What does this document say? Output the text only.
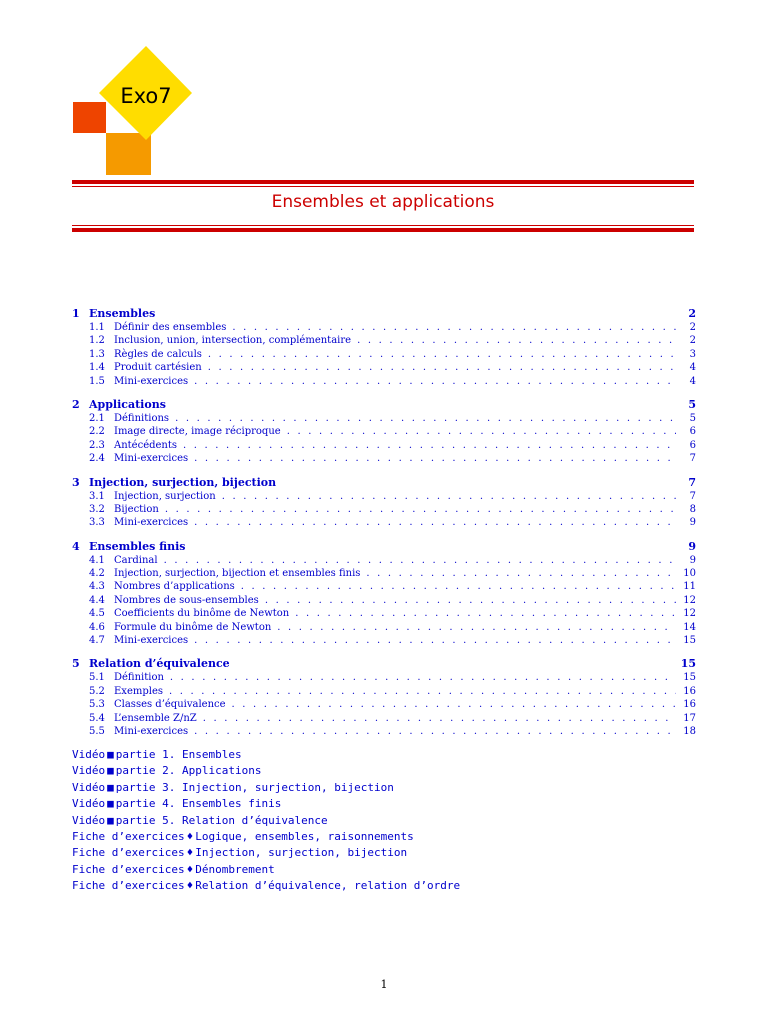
Exo7
Ensembles et applications
1 Ensembles	2
1.1 Définir des ensembles . . .	2
1.2 Inclusion, union, intersection, complémentaire . . .	2
1.3 Règles de calculs . . .	3
1.4 Produit cartésien . . .	4
1.5 Mini-exercices . . .	4
2 Applications	5
2.1 Définitions . . .	5
2.2 Image directe, image réciproque . . .	6
2.3 Antécédents . . .	6
2.4 Mini-exercices . . .	7
3 Injection, surjection, bijection	7
3.1 Injection, surjection . . .	7
3.2 Bijection . . .	8
3.3 Mini-exercices . . .	9
4 Ensembles finis	9
4.1 Cardinal . . .	9
4.2 Injection, surjection, bijection et ensembles finis . . .	10
4.3 Nombres d’applications . . .	11
4.4 Nombres de sous-ensembles . . .	12
4.5 Coefficients du binôme de Newton . . .	12
4.6 Formule du binôme de Newton . . .	14
4.7 Mini-exercices . . .	15
5 Relation d’équivalence	15
5.1 Définition . . .	15
5.2 Exemples . . .	16
5.3 Classes d’équivalence . . .	16
5.4 L’ensemble Z/nZ . . .	17
5.5 Mini-exercices . . .	18
Vidéo ■ partie 1. Ensembles
Vidéo ■ partie 2. Applications
Vidéo ■ partie 3. Injection, surjection, bijection
Vidéo ■ partie 4. Ensembles finis
Vidéo ■ partie 5. Relation d’équivalence
Fiche d’exercices ♦ Logique, ensembles, raisonnements
Fiche d’exercices ♦ Injection, surjection, bijection
Fiche d’exercices ♦ Dénombrement
Fiche d’exercices ♦ Relation d’équivalence, relation d’ordre
1
